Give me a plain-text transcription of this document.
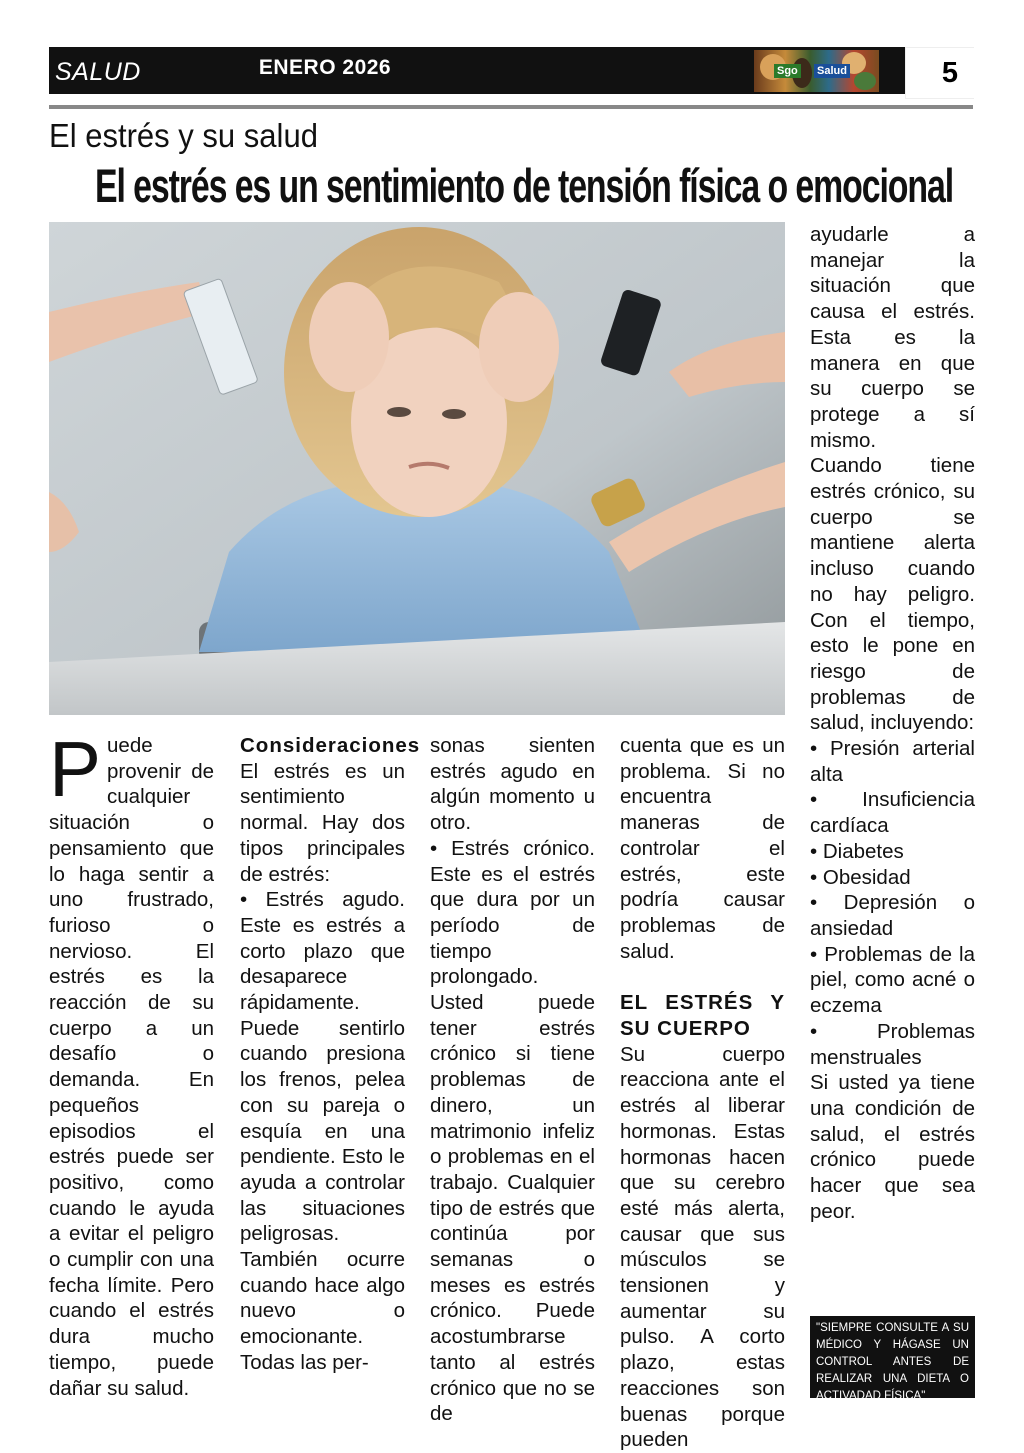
SALUD	ENERO 2026	Sgo Salud	5
El estrés y su salud
El estrés es un sentimiento de tensión física o emocional

Puede provenir de cualquier situación o pensamiento que lo haga sentir a uno frustrado, furioso o nervioso. El estrés es la reacción de su cuerpo a un desafío o demanda. En pequeños episodios el estrés puede ser positivo, como cuando le ayuda a evitar el peligro o cumplir con una fecha límite. Pero cuando el estrés dura mucho tiempo, puede dañar su salud.

Consideraciones

El estrés es un sentimiento normal. Hay dos tipos principales de estrés:

• Estrés agudo. Este es estrés a corto plazo que desaparece rápidamente. Puede sentirlo cuando presiona los frenos, pelea con su pareja o esquía en una pendiente. Esto le ayuda a controlar las situaciones peligrosas. También ocurre cuando hace algo nuevo o emocionante. Todas las per-

sonas sienten estrés agudo en algún momento u otro.

• Estrés crónico. Este es el estrés que dura por un período de tiempo prolongado. Usted puede tener estrés crónico si tiene problemas de dinero, un matrimonio infeliz o problemas en el trabajo. Cualquier tipo de estrés que continúa por semanas o meses es estrés crónico. Puede acostumbrarse tanto al estrés crónico que no se de

cuenta que es un problema. Si no encuentra maneras de controlar el estrés, este podría causar problemas de salud.

EL ESTRÉS Y SU CUERPO

Su cuerpo reacciona ante el estrés al liberar hormonas. Estas hormonas hacen que su cerebro esté más alerta, causar que sus músculos se tensionen y aumentar su pulso. A corto plazo, estas reacciones son buenas porque pueden

ayudarle a manejar la situación que causa el estrés. Esta es la manera en que su cuerpo se protege a sí mismo.

Cuando tiene estrés crónico, su cuerpo se mantiene alerta incluso cuando no hay peligro. Con el tiempo, esto le pone en riesgo de problemas de salud, incluyendo:

• Presión arterial alta

• Insuficiencia cardíaca

• Diabetes

• Obesidad

• Depresión o ansiedad

• Problemas de la piel, como acné o eczema

• Problemas menstruales

Si usted ya tiene una condición de salud, el estrés crónico puede hacer que sea peor.

"SIEMPRE CONSULTE A SU MÉDICO Y HÁGASE UN CONTROL ANTES DE REALIZAR UNA DIETA O ACTIVADAD FÍSICA"
